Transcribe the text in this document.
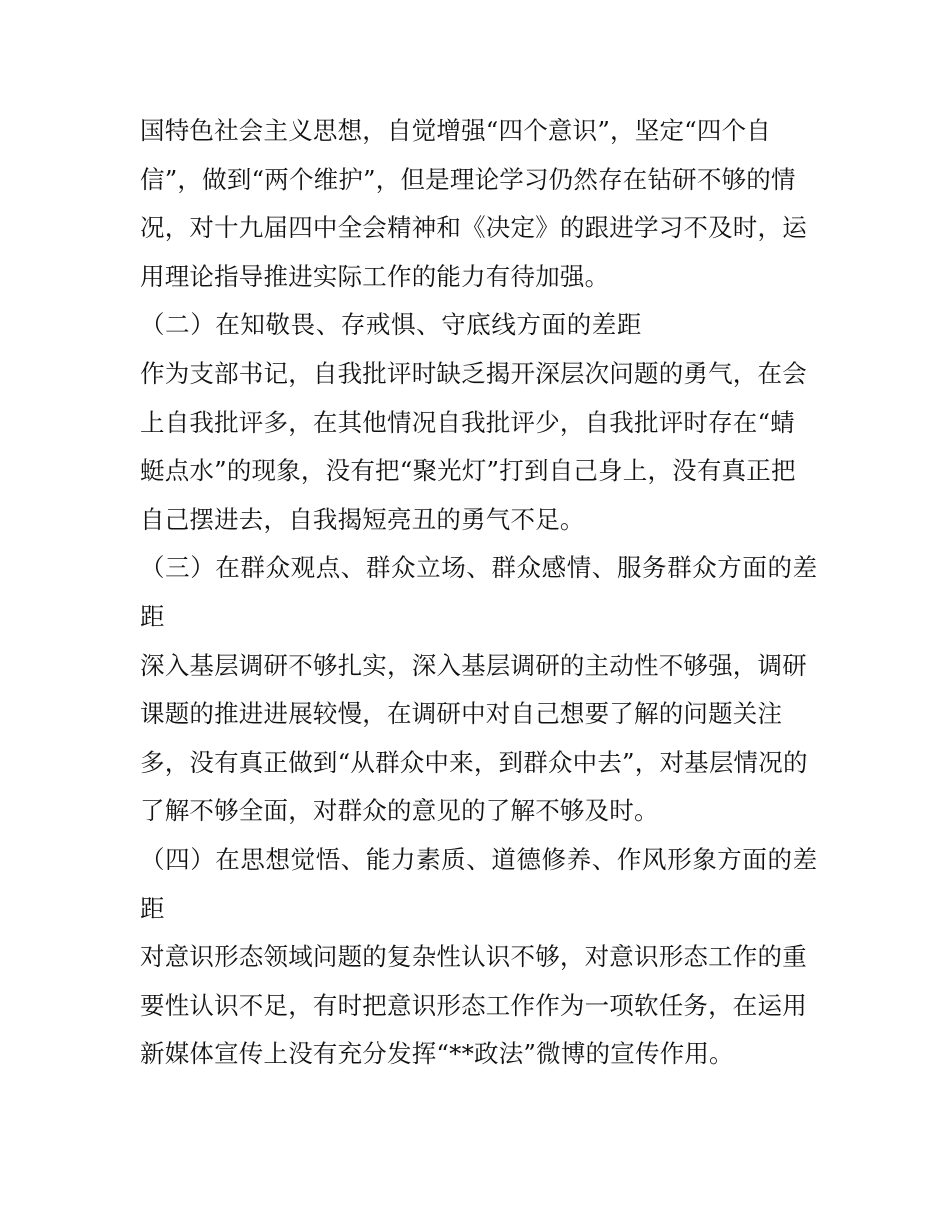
国特色社会主义思想，自觉增强“四个意识”，坚定“四个自
信”，做到“两个维护”，但是理论学习仍然存在钻研不够的情
况，对十九届四中全会精神和《决定》的跟进学习不及时，运
用理论指导推进实际工作的能力有待加强。
（二）在知敬畏、存戒惧、守底线方面的差距
作为支部书记，自我批评时缺乏揭开深层次问题的勇气，在会
上自我批评多，在其他情况自我批评少，自我批评时存在“蜻
蜓点水”的现象，没有把“聚光灯”打到自己身上，没有真正把
自己摆进去，自我揭短亮丑的勇气不足。
（三）在群众观点、群众立场、群众感情、服务群众方面的差
距
深入基层调研不够扎实，深入基层调研的主动性不够强，调研
课题的推进进展较慢，在调研中对自己想要了解的问题关注
多，没有真正做到“从群众中来，到群众中去”，对基层情况的
了解不够全面，对群众的意见的了解不够及时。
（四）在思想觉悟、能力素质、道德修养、作风形象方面的差
距
对意识形态领域问题的复杂性认识不够，对意识形态工作的重
要性认识不足，有时把意识形态工作作为一项软任务，在运用
新媒体宣传上没有充分发挥“**政法”微博的宣传作用。
